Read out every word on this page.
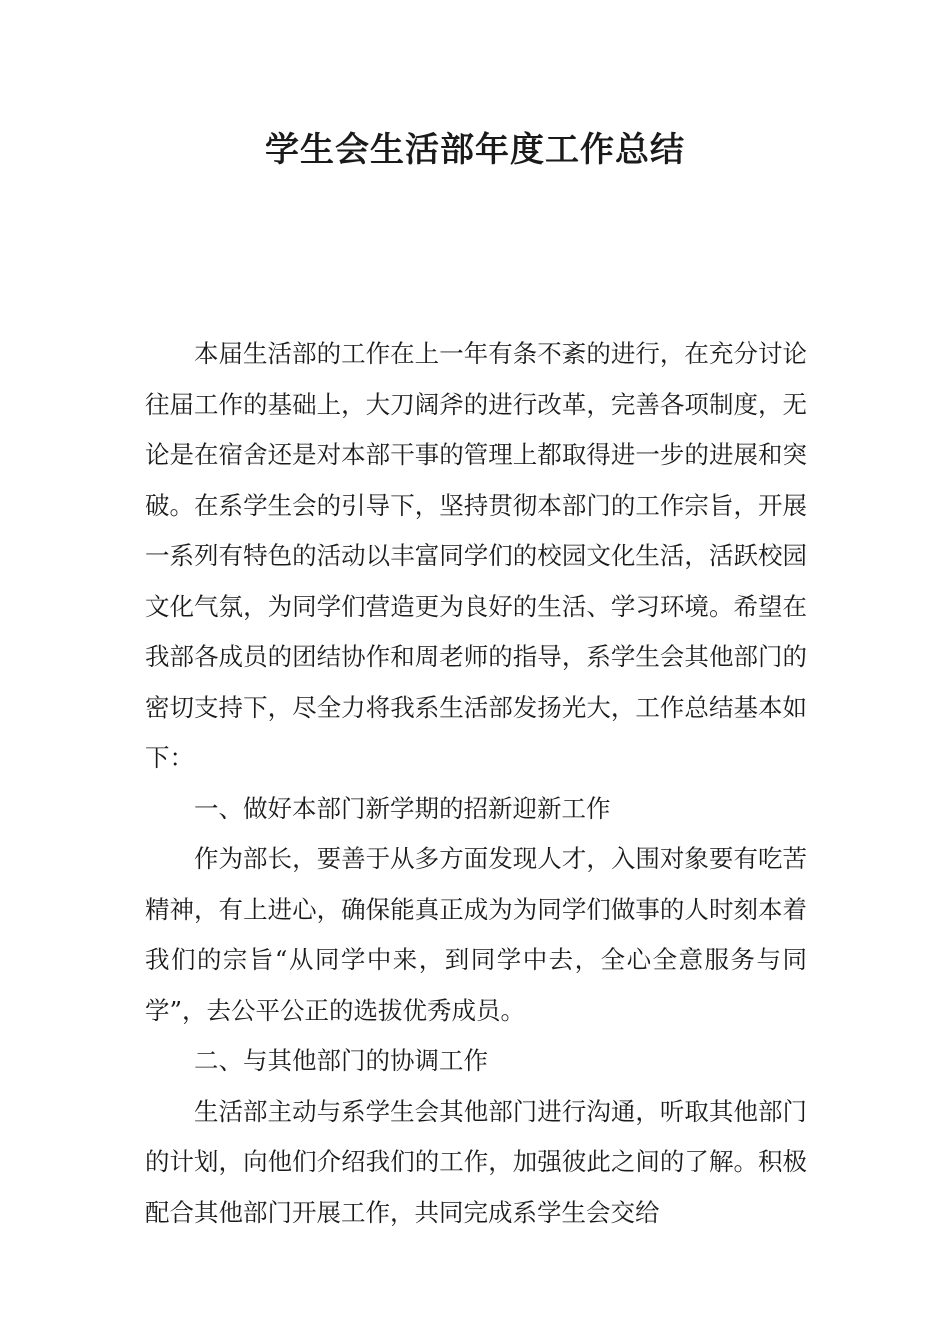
学生会生活部年度工作总结

本届生活部的工作在上一年有条不紊的进行，在充分讨论往届工作的基础上，大刀阔斧的进行改革，完善各项制度，无论是在宿舍还是对本部干事的管理上都取得进一步的进展和突破。在系学生会的引导下，坚持贯彻本部门的工作宗旨，开展一系列有特色的活动以丰富同学们的校园文化生活，活跃校园文化气氛，为同学们营造更为良好的生活、学习环境。希望在我部各成员的团结协作和周老师的指导，系学生会其他部门的密切支持下，尽全力将我系生活部发扬光大，工作总结基本如下：

一、做好本部门新学期的招新迎新工作

作为部长，要善于从多方面发现人才，入围对象要有吃苦精神，有上进心，确保能真正成为为同学们做事的人时刻本着我们的宗旨“从同学中来，到同学中去，全心全意服务与同学”，去公平公正的选拔优秀成员。

二、与其他部门的协调工作

生活部主动与系学生会其他部门进行沟通，听取其他部门的计划，向他们介绍我们的工作，加强彼此之间的了解。积极配合其他部门开展工作，共同完成系学生会交给
